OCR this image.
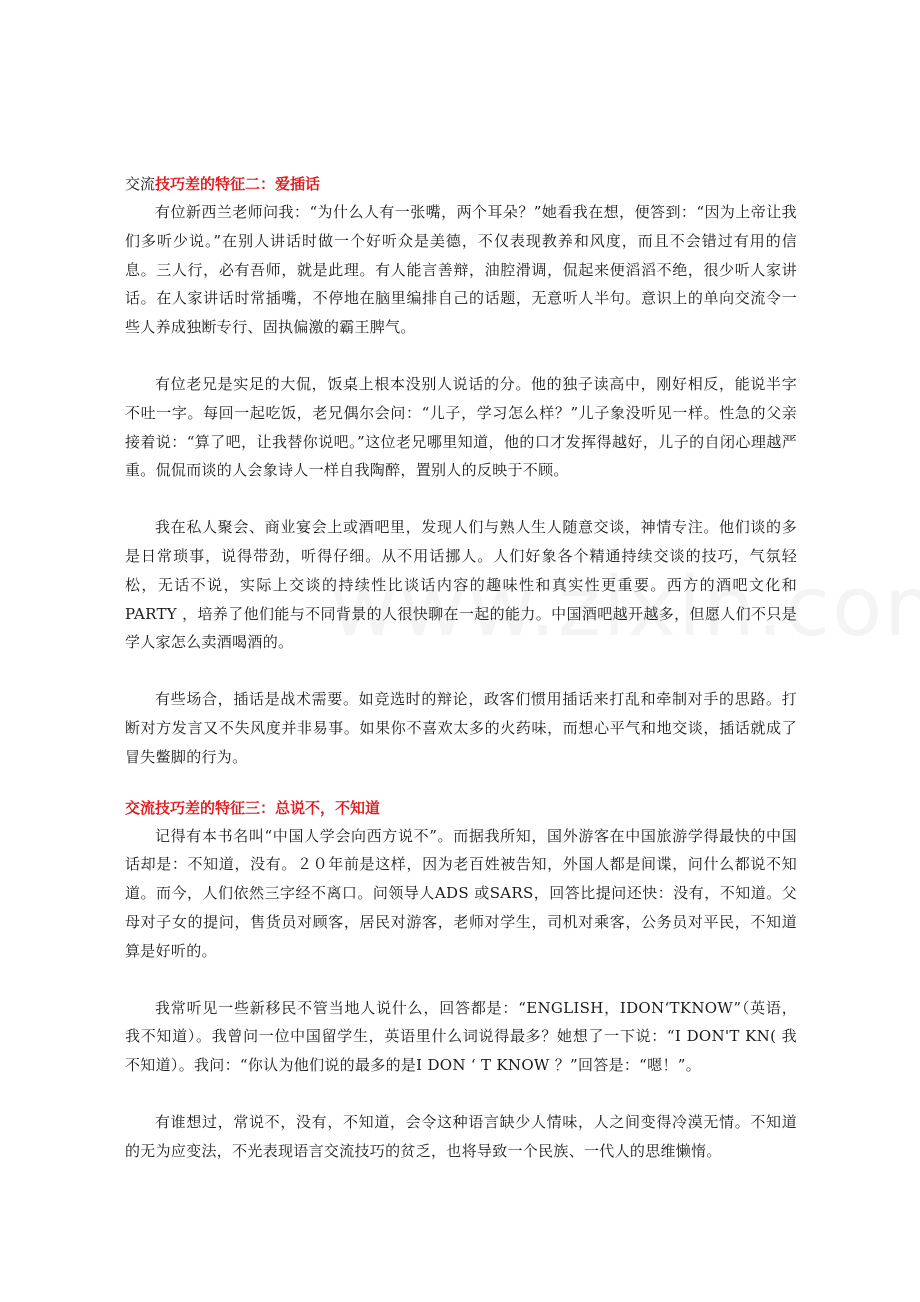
交流技巧差的特征二：爱插话

有位新西兰老师问我：“为什么人有一张嘴，两个耳朵？”她看我在想，便答到：“因为上帝让我们多听少说。”在别人讲话时做一个好听众是美德，不仅表现教养和风度，而且不会错过有用的信息。三人行，必有吾师，就是此理。有人能言善辩，油腔滑调，侃起来便滔滔不绝，很少听人家讲话。在人家讲话时常插嘴，不停地在脑里编排自己的话题，无意听人半句。意识上的单向交流令一些人养成独断专行、固执偏激的霸王脾气。

有位老兄是实足的大侃，饭桌上根本没别人说话的分。他的独子读高中，刚好相反，能说半字不吐一字。每回一起吃饭，老兄偶尔会问：“儿子，学习怎么样？”儿子象没听见一样。性急的父亲接着说：“算了吧，让我替你说吧。”这位老兄哪里知道，他的口才发挥得越好，儿子的自闭心理越严重。侃侃而谈的人会象诗人一样自我陶醉，置别人的反映于不顾。

我在私人聚会、商业宴会上或酒吧里，发现人们与熟人生人随意交谈，神情专注。他们谈的多是日常琐事，说得带劲，听得仔细。从不用话挪人。人们好象各个精通持续交谈的技巧，气氛轻松，无话不说，实际上交谈的持续性比谈话内容的趣味性和真实性更重要。西方的酒吧文化和PARTY ，培养了他们能与不同背景的人很快聊在一起的能力。中国酒吧越开越多，但愿人们不只是学人家怎么卖酒喝酒的。

有些场合，插话是战术需要。如竞选时的辩论，政客们惯用插话来打乱和牵制对手的思路。打断对方发言又不失风度并非易事。如果你不喜欢太多的火药味，而想心平气和地交谈，插话就成了冒失鳖脚的行为。

交流技巧差的特征三：总说不，不知道

记得有本书名叫“中国人学会向西方说不”。而据我所知，国外游客在中国旅游学得最快的中国话却是：不知道，没有。２０年前是这样，因为老百姓被告知，外国人都是间谍，问什么都说不知道。而今，人们依然三字经不离口。问领导人ADS 或SARS，回答比提问还快：没有，不知道。父母对子女的提问，售货员对顾客，居民对游客，老师对学生，司机对乘客，公务员对平民，不知道算是好听的。

我常听见一些新移民不管当地人说什么，回答都是：“ENGLISH，IDON‘TKNOW”（英语，我不知道）。我曾问一位中国留学生，英语里什么词说得最多？她想了一下说：“I DON'T KN( 我不知道）。我问：“你认为他们说的最多的是I DON ‘ T KNOW ？”回答是：“嗯！”。

有谁想过，常说不，没有，不知道，会令这种语言缺少人情味，人之间变得冷漠无情。不知道的无为应变法，不光表现语言交流技巧的贫乏，也将导致一个民族、一代人的思维懒惰。
